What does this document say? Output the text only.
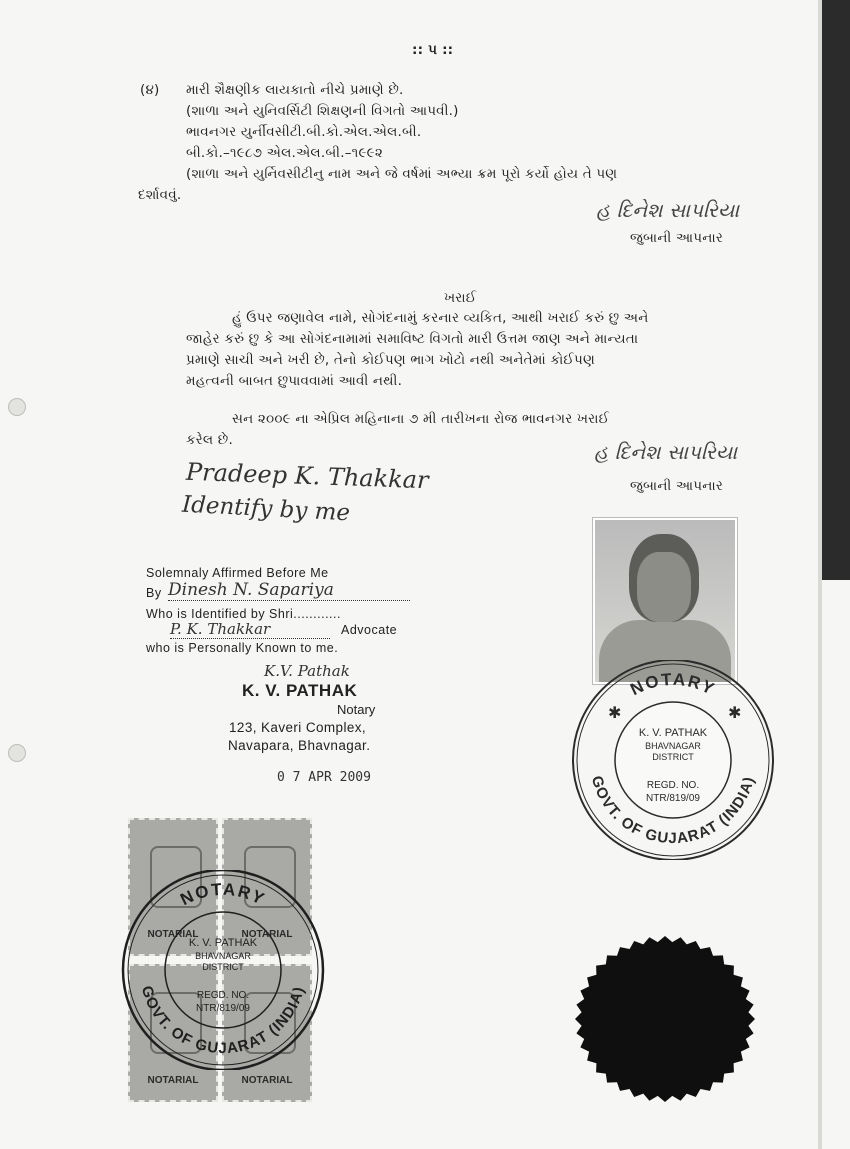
:: ૫ ::
(૪) મારી શૈક્ષણીક લાયકાતો નીચે પ્રમાણે છે.
(શાળા અને યુનિવર્સિટી શિક્ષણની વિગતો આપવી.)
ભાવનગર યુર્નીવસીટી.બી.કો.એલ.એલ.બી.
બી.કો.–૧૯૮૭ એલ.એલ.બી.–૧૯૯૨
(શાળા અને યુર્નિવસીટીનુ નામ અને જે વર્ષમાં અભ્યા ક્રમ પૂરો કર્યો હોય તે પણ
દર્શાવવું.
હ દિનેશ સાપરિયા
જુબાની આપનાર
ખરાઈ
હું ઉપર જણાવેલ નામે, સોગંદનામું કરનાર વ્યકિત, આથી ખરાઈ કરું છુ અને
જાહેર કરું છુ કે આ સોગંદનામામાં સમાવિષ્ટ વિગતો મારી ઉત્તમ જાણ અને માન્યતા
પ્રમાણે સાચી અને ખરી છે, તેનો કોઈપણ ભાગ ખોટો નથી અનેતેમાં કોઈપણ
મહત્વની બાબત છુપાવવામાં આવી નથી.
સન ૨૦૦૯ ના એપ્રિલ મહિનાના ૭ મી તારીખના રોજ ભાવનગર ખરાઈ
કરેલ છે.	હ દિનેશ સાપરિયા
જુબાની આપનાર
Pradeep K. Thakkar
Identify by me
Solemnaly Affirmed Before Me
By Dinesh N. Sapariya
Who is Identified by Shri............
P. K. Thakkar	Advocate
who is Personally Known to me.
K.V. Pathak
K. V. PATHAK
Notary
123, Kaveri Complex,
Navapara, Bhavnagar.
0 7 APR 2009
NOTARY
GOVT. OF GUJARAT (INDIA)
✱	✱
K. V. PATHAK
BHAVNAGAR
DISTRICT
REGD. NO.
NTR/819/09
NOTARIAL	NOTARIAL
NOTARIAL	NOTARIAL
NOTARY
GOVT. OF GUJARAT (INDIA)
K. V. PATHAK
BHAVNAGAR
DISTRICT
REGD. NO.
NTR/819/09
